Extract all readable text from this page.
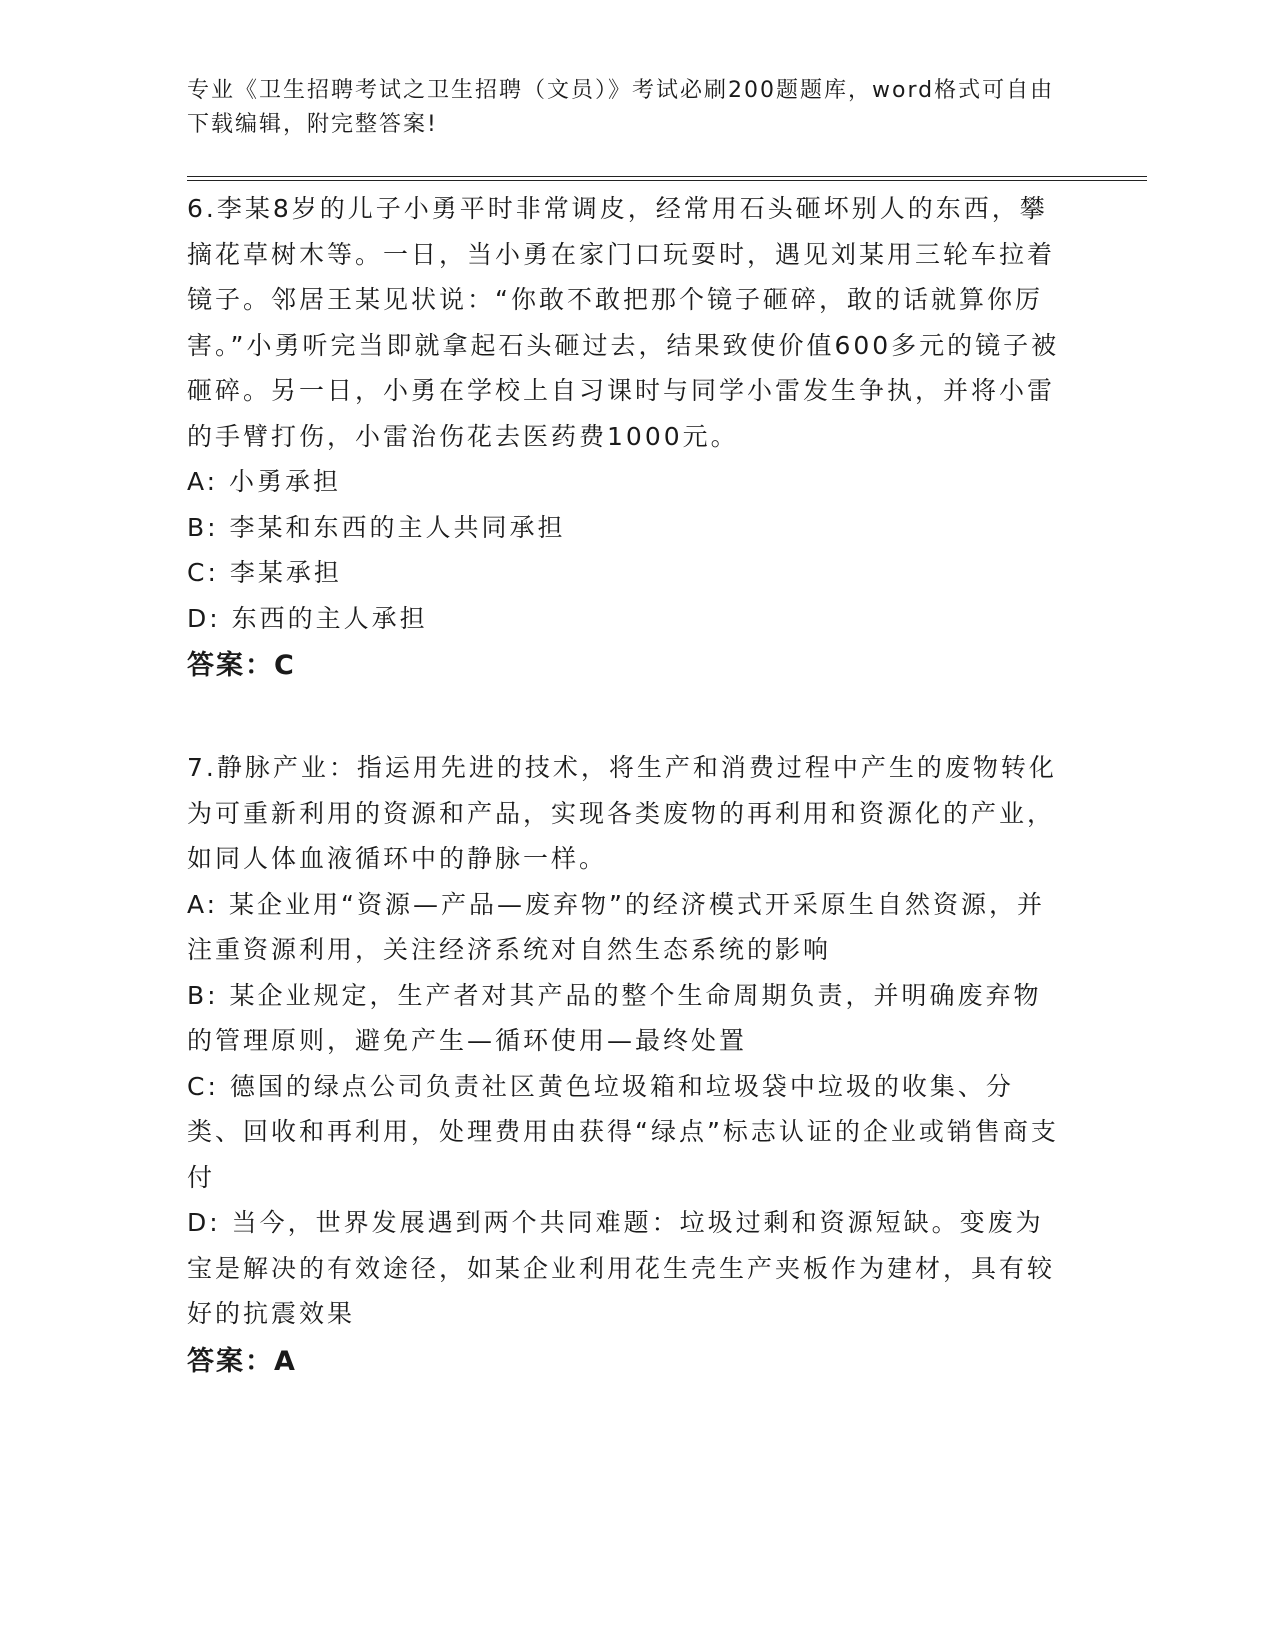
专业《卫生招聘考试之卫生招聘（文员）》考试必刷200题题库，word格式可自由下载编辑，附完整答案!
6.李某8岁的儿子小勇平时非常调皮，经常用石头砸坏别人的东西，攀摘花草树木等。一日，当小勇在家门口玩耍时，遇见刘某用三轮车拉着镜子。邻居王某见状说：“你敢不敢把那个镜子砸碎，敢的话就算你厉害。”小勇听完当即就拿起石头砸过去，结果致使价值600多元的镜子被砸碎。另一日，小勇在学校上自习课时与同学小雷发生争执，并将小雷的手臂打伤，小雷治伤花去医药费1000元。
A: 小勇承担
B: 李某和东西的主人共同承担
C: 李某承担
D: 东西的主人承担
答案：C
7.静脉产业：指运用先进的技术，将生产和消费过程中产生的废物转化为可重新利用的资源和产品，实现各类废物的再利用和资源化的产业，如同人体血液循环中的静脉一样。
A: 某企业用“资源—产品—废弃物”的经济模式开采原生自然资源，并注重资源利用，关注经济系统对自然生态系统的影响
B: 某企业规定，生产者对其产品的整个生命周期负责，并明确废弃物的管理原则，避免产生—循环使用—最终处置
C: 德国的绿点公司负责社区黄色垃圾箱和垃圾袋中垃圾的收集、分类、回收和再利用，处理费用由获得“绿点”标志认证的企业或销售商支付
D: 当今，世界发展遇到两个共同难题：垃圾过剩和资源短缺。变废为宝是解决的有效途径，如某企业利用花生壳生产夹板作为建材，具有较好的抗震效果
答案：A
